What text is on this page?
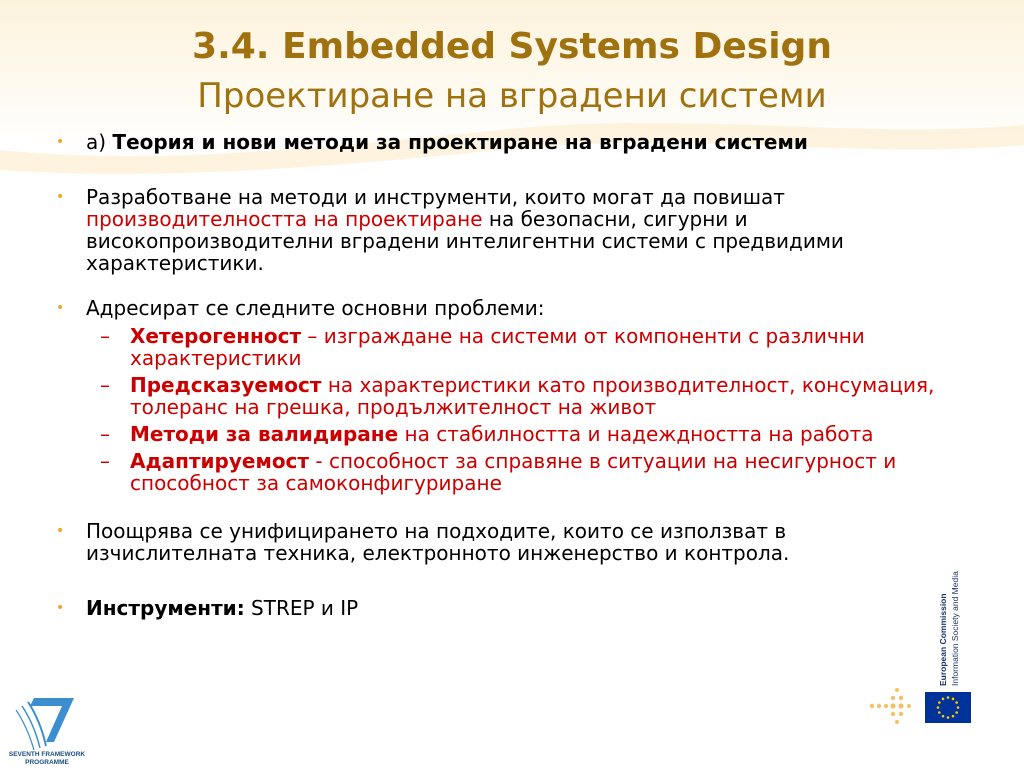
3.4. Embedded Systems Design
Проектиране на вградени системи
• a) Теория и нови методи за проектиране на вградени системи
• Разработване на методи и инструменти, които могат да повишат производителността на проектиране на безопасни, сигурни и високопроизводителни вградени интелигентни системи с предвидими характеристики.
• Адресират се следните основни проблеми:
– Хетерогенност – изграждане на системи от компоненти с различни характеристики
– Предсказуемост на характеристики като производителност, консумация, толеранс на грешка, продължителност на живот
– Методи за валидиране на стабилността и надеждността на работа
– Адаптируемост - способност за справяне в ситуации на несигурност и способност за самоконфигуриране
• Поощрява се унифицирането на подходите, които се използват в изчислителната техника, електронното инженерство и контрола.
• Инструменти: STREP и IP
SEVENTH FRAMEWORK
PROGRAMME
European Commission Information Society and Media
